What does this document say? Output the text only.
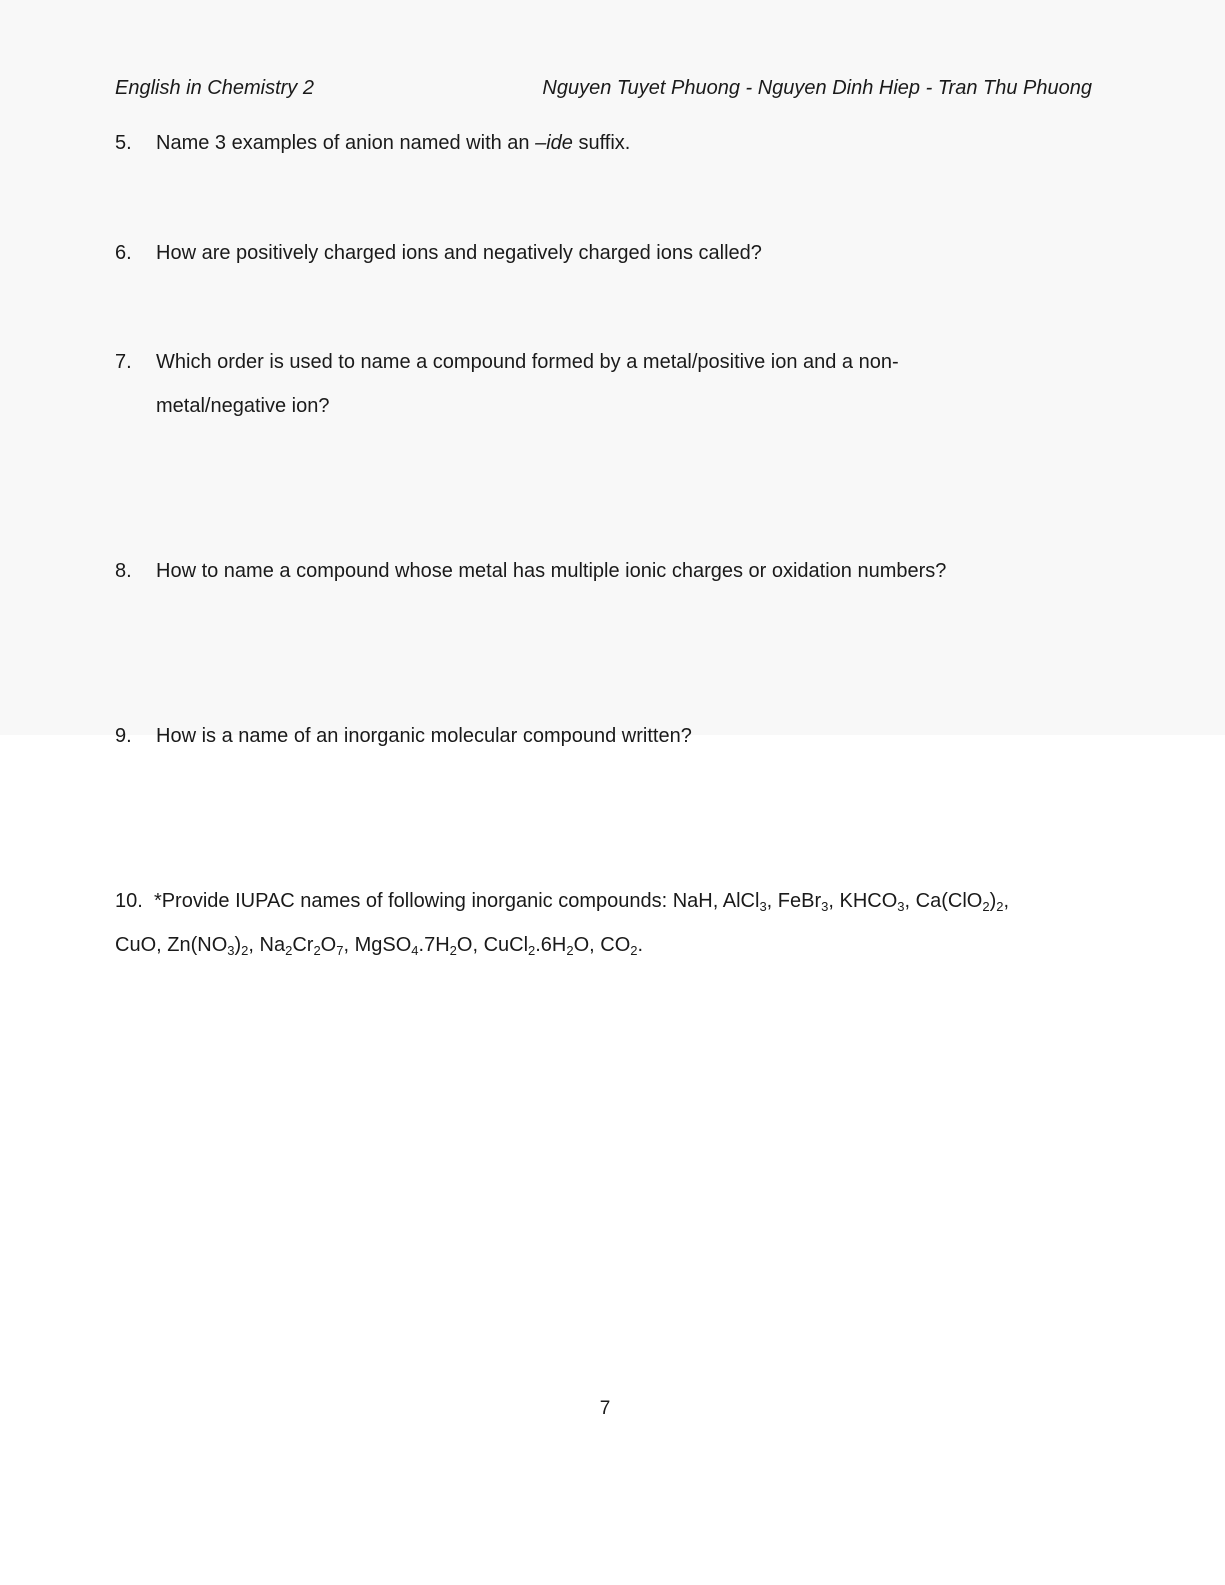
English in Chemistry 2	Nguyen Tuyet Phuong - Nguyen Dinh Hiep - Tran Thu Phuong
5. Name 3 examples of anion named with an –ide suffix.
6. How are positively charged ions and negatively charged ions called?
7. Which order is used to name a compound formed by a metal/positive ion and a non-
metal/negative ion?
8. How to name a compound whose metal has multiple ionic charges or oxidation numbers?
9. How is a name of an inorganic molecular compound written?
10. *Provide IUPAC names of following inorganic compounds: NaH, AlCl$_3$, FeBr$_3$, $KHCO_3$, $Ca(ClO_2)_2$,
CuO, $Zn(NO_3)_2$, $Na_2Cr_2O_7$, $MgSO_4.7H_2O$, $CuCl_2.6H_2O$, $CO_2$.
7
